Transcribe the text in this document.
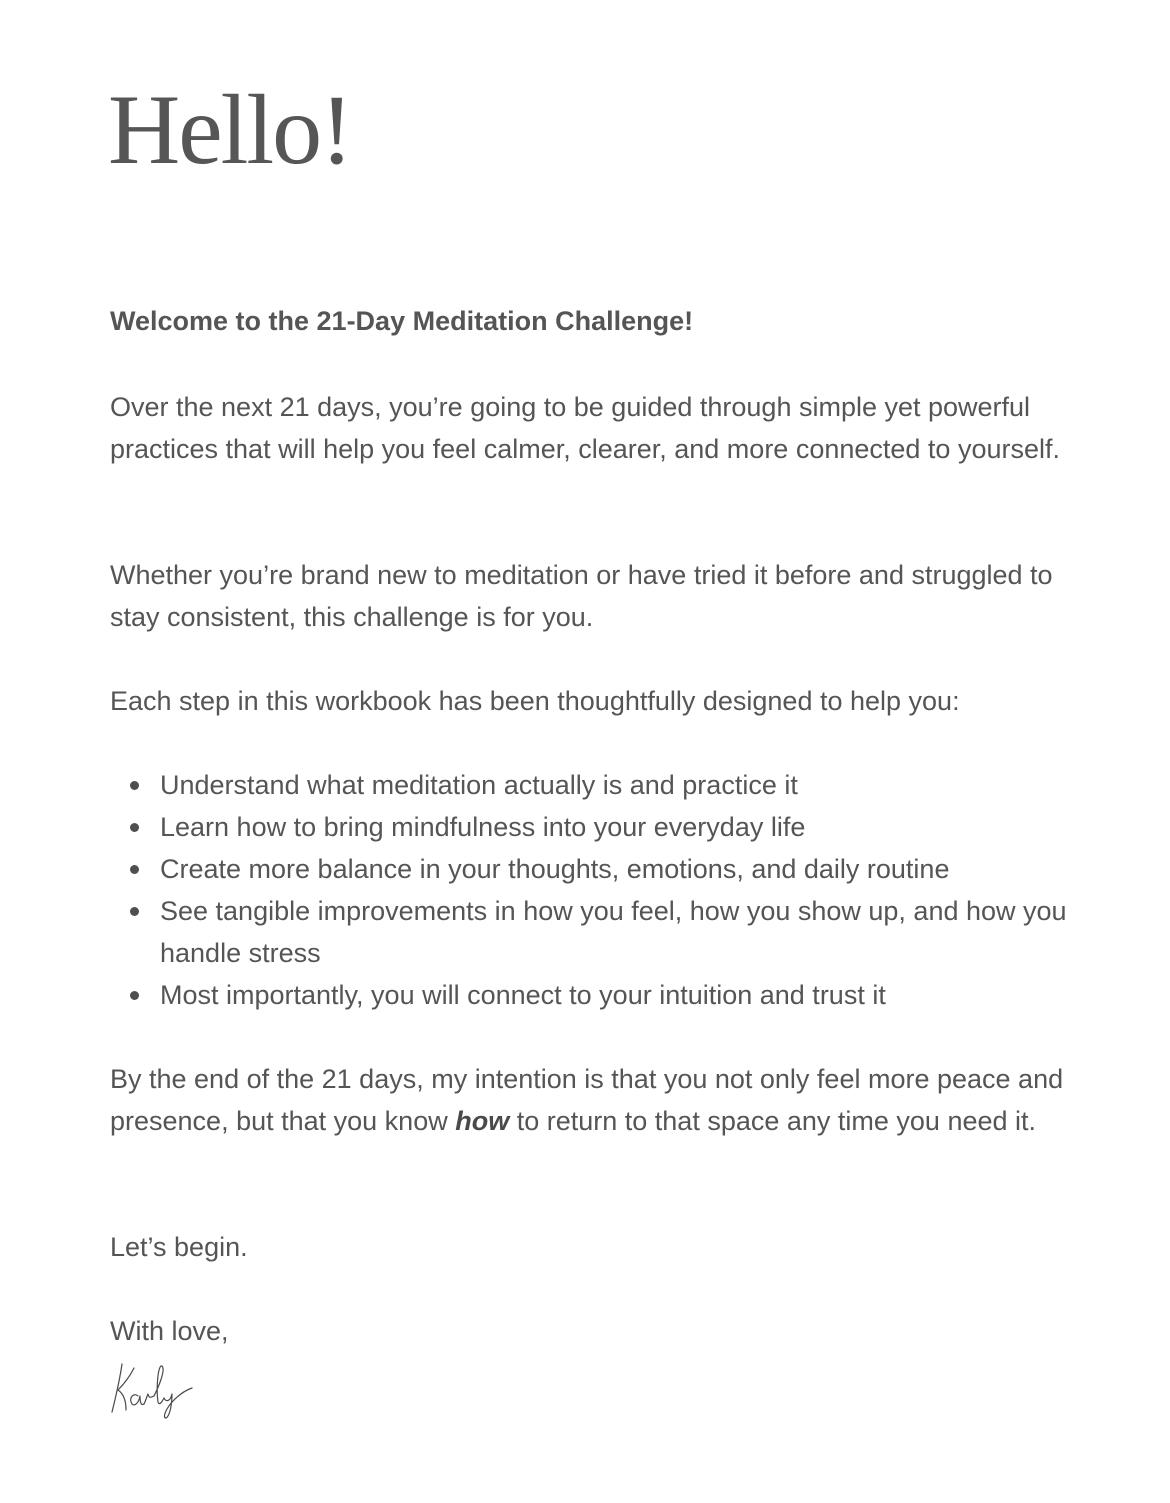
Hello!

Welcome to the 21-Day Meditation Challenge!

Over the next 21 days, you’re going to be guided through simple yet powerful practices that will help you feel calmer, clearer, and more connected to yourself.

Whether you’re brand new to meditation or have tried it before and struggled to stay consistent, this challenge is for you.

Each step in this workbook has been thoughtfully designed to help you:

Understand what meditation actually is and practice it
Learn how to bring mindfulness into your everyday life
Create more balance in your thoughts, emotions, and daily routine
See tangible improvements in how you feel, how you show up, and how you handle stress
Most importantly, you will connect to your intuition and trust it

By the end of the 21 days, my intention is that you not only feel more peace and presence, but that you know how to return to that space any time you need it.

Let’s begin.

With love,
